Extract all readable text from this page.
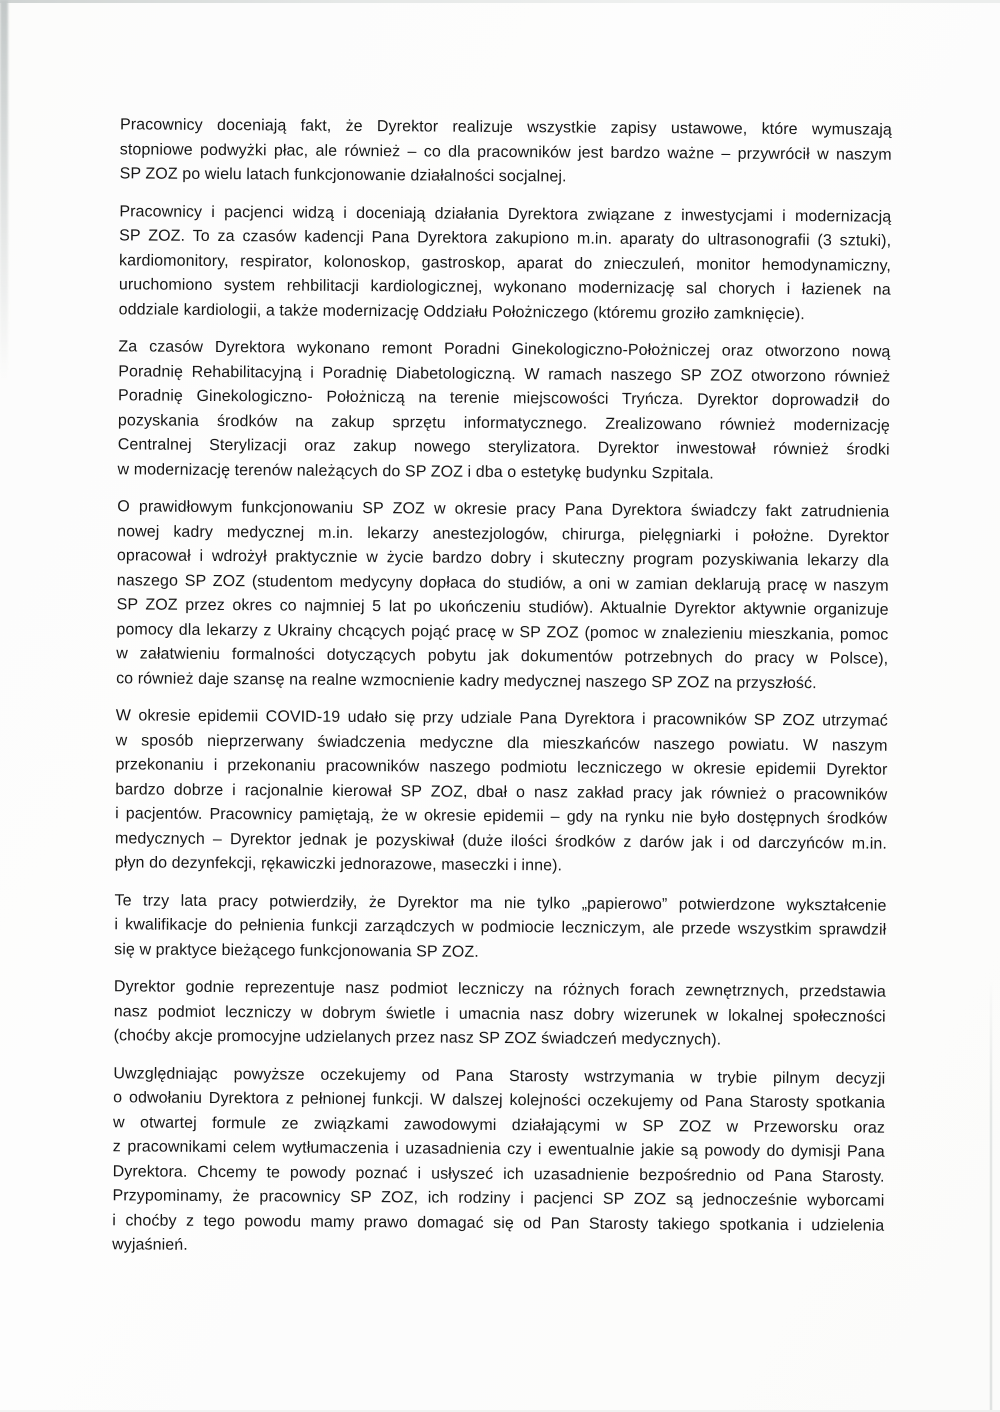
Pracownicy doceniają fakt, że Dyrektor realizuje wszystkie zapisy ustawowe, które wymuszają
stopniowe podwyżki płac, ale również – co dla pracowników jest bardzo ważne – przywrócił w naszym
SP ZOZ po wielu latach funkcjonowanie działalności socjalnej.
Pracownicy i pacjenci widzą i doceniają działania Dyrektora związane z inwestycjami i modernizacją
SP ZOZ. To za czasów kadencji Pana Dyrektora zakupiono m.in. aparaty do ultrasonografii (3 sztuki),
kardiomonitory, respirator, kolonoskop, gastroskop, aparat do znieczuleń, monitor hemodynamiczny,
uruchomiono system rehbilitacji kardiologicznej, wykonano modernizację sal chorych i łazienek na
oddziale kardiologii, a także modernizację Oddziału Położniczego (któremu groziło zamknięcie).
Za czasów Dyrektora wykonano remont Poradni Ginekologiczno-Położniczej oraz otworzono nową
Poradnię Rehabilitacyjną i Poradnię Diabetologiczną. W ramach naszego SP ZOZ otworzono również
Poradnię Ginekologiczno- Położniczą na terenie miejscowości Tryńcza. Dyrektor doprowadził do
pozyskania środków na zakup sprzętu informatycznego. Zrealizowano również modernizację
Centralnej Sterylizacji oraz zakup nowego sterylizatora. Dyrektor inwestował również środki
w modernizację terenów należących do SP ZOZ i dba o estetykę budynku Szpitala.
O prawidłowym funkcjonowaniu SP ZOZ w okresie pracy Pana Dyrektora świadczy fakt zatrudnienia
nowej kadry medycznej m.in. lekarzy anestezjologów, chirurga, pielęgniarki i położne. Dyrektor
opracował i wdrożył praktycznie w życie bardzo dobry i skuteczny program pozyskiwania lekarzy dla
naszego SP ZOZ (studentom medycyny dopłaca do studiów, a oni w zamian deklarują pracę w naszym
SP ZOZ przez okres co najmniej 5 lat po ukończeniu studiów). Aktualnie Dyrektor aktywnie organizuje
pomocy dla lekarzy z Ukrainy chcących pojąć pracę w SP ZOZ (pomoc w znalezieniu mieszkania, pomoc
w załatwieniu formalności dotyczących pobytu jak dokumentów potrzebnych do pracy w Polsce),
co również daje szansę na realne wzmocnienie kadry medycznej naszego SP ZOZ na przyszłość.
W okresie epidemii COVID-19 udało się przy udziale Pana Dyrektora i pracowników SP ZOZ utrzymać
w sposób nieprzerwany świadczenia medyczne dla mieszkańców naszego powiatu. W naszym
przekonaniu i przekonaniu pracowników naszego podmiotu leczniczego w okresie epidemii Dyrektor
bardzo dobrze i racjonalnie kierował SP ZOZ, dbał o nasz zakład pracy jak również o pracowników
i pacjentów. Pracownicy pamiętają, że w okresie epidemii – gdy na rynku nie było dostępnych środków
medycznych – Dyrektor jednak je pozyskiwał (duże ilości środków z darów jak i od darczyńców m.in.
płyn do dezynfekcji, rękawiczki jednorazowe, maseczki i inne).
Te trzy lata pracy potwierdziły, że Dyrektor ma nie tylko „papierowo” potwierdzone wykształcenie
i kwalifikacje do pełnienia funkcji zarządczych w podmiocie leczniczym, ale przede wszystkim sprawdził
się w praktyce bieżącego funkcjonowania SP ZOZ.
Dyrektor godnie reprezentuje nasz podmiot leczniczy na różnych forach zewnętrznych, przedstawia
nasz podmiot leczniczy w dobrym świetle i umacnia nasz dobry wizerunek w lokalnej społeczności
(choćby akcje promocyjne udzielanych przez nasz SP ZOZ świadczeń medycznych).
Uwzględniając powyższe oczekujemy od Pana Starosty wstrzymania w trybie pilnym decyzji
o odwołaniu Dyrektora z pełnionej funkcji. W dalszej kolejności oczekujemy od Pana Starosty spotkania
w otwartej formule ze związkami zawodowymi działającymi w SP ZOZ w Przeworsku oraz
z pracownikami celem wytłumaczenia i uzasadnienia czy i ewentualnie jakie są powody do dymisji Pana
Dyrektora. Chcemy te powody poznać i usłyszeć ich uzasadnienie bezpośrednio od Pana Starosty.
Przypominamy, że pracownicy SP ZOZ, ich rodziny i pacjenci SP ZOZ są jednocześnie wyborcami
i choćby z tego powodu mamy prawo domagać się od Pan Starosty takiego spotkania i udzielenia
wyjaśnień.
